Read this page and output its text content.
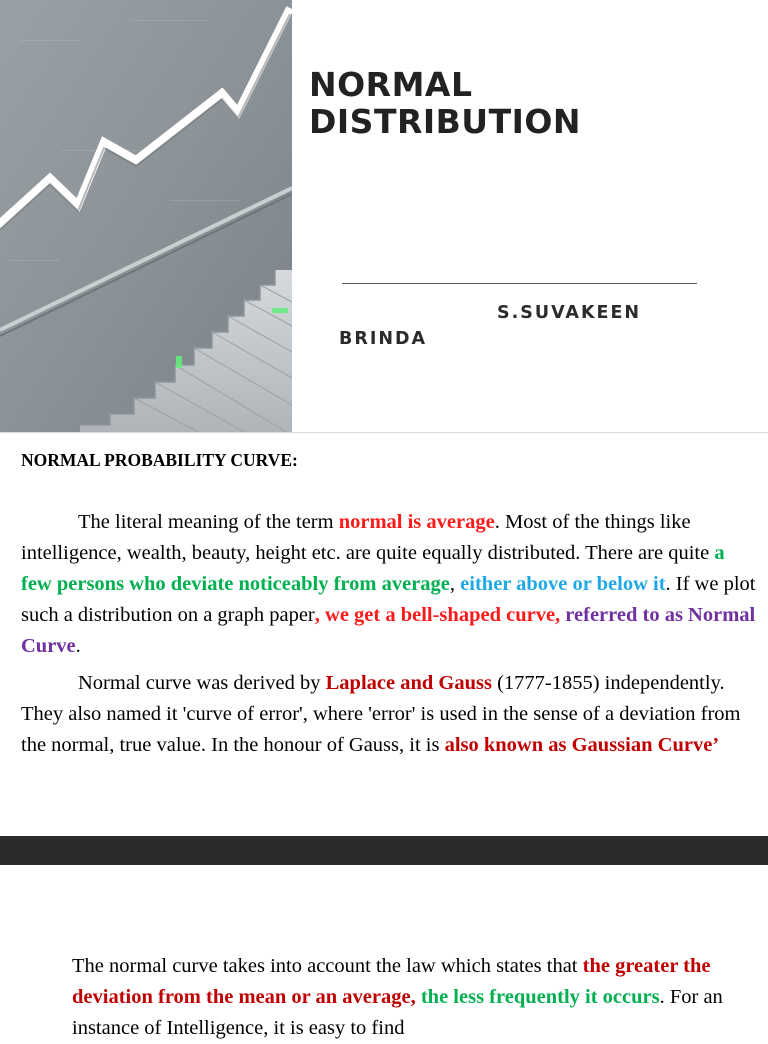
NORMAL
DISTRIBUTION
S.SUVAKEEN
BRINDA
NORMAL PROBABILITY CURVE:

The literal meaning of the term normal is average. Most of the things like intelligence, wealth, beauty, height etc. are quite equally distributed. There are quite a few persons who deviate noticeably from average, either above or below it. If we plot such a distribution on a graph paper, we get a bell-shaped curve, referred to as Normal Curve.

Normal curve was derived by Laplace and Gauss (1777-1855) independently. They also named it 'curve of error', where 'error' is used in the sense of a deviation from the normal, true value. In the honour of Gauss, it is also known as Gaussian Curve’

The normal curve takes into account the law which states that the greater the deviation from the mean or an average, the less frequently it occurs. For an instance of Intelligence, it is easy to find
